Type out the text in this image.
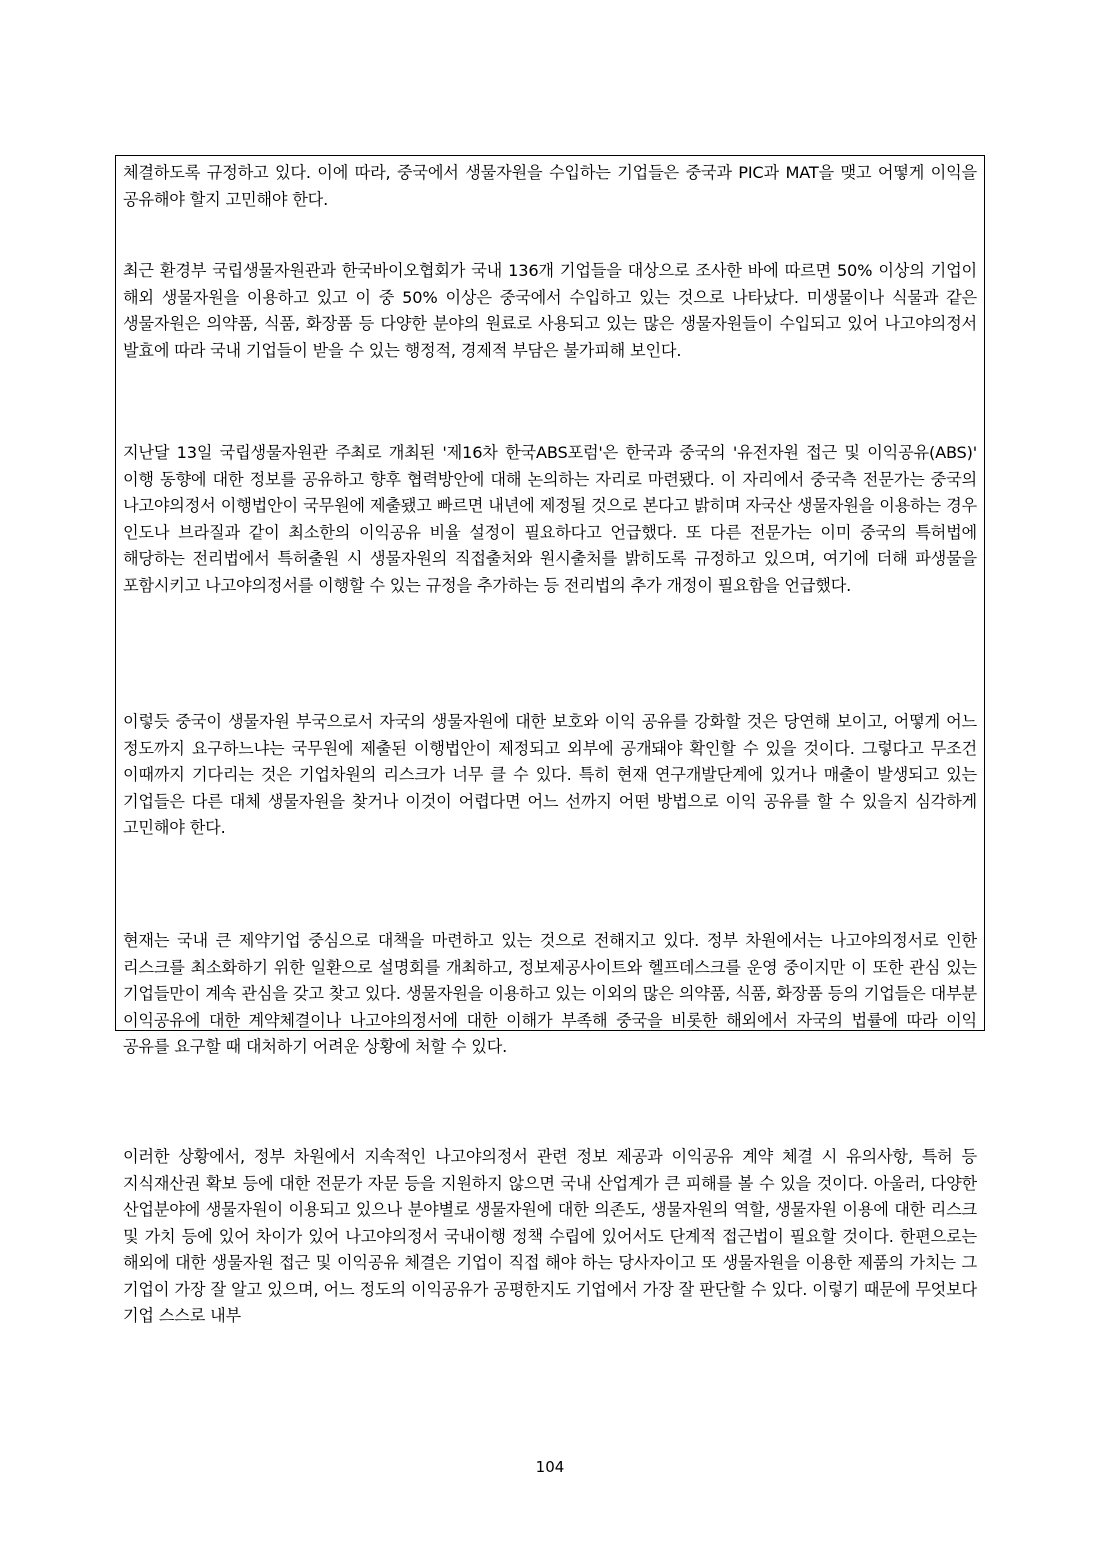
체결하도록 규정하고 있다. 이에 따라, 중국에서 생물자원을 수입하는 기업들은 중국과 PIC과 MAT을 맺고 어떻게 이익을 공유해야 할지 고민해야 한다.

최근 환경부 국립생물자원관과 한국바이오협회가 국내 136개 기업들을 대상으로 조사한 바에 따르면 50% 이상의 기업이 해외 생물자원을 이용하고 있고 이 중 50% 이상은 중국에서 수입하고 있는 것으로 나타났다. 미생물이나 식물과 같은 생물자원은 의약품, 식품, 화장품 등 다양한 분야의 원료로 사용되고 있는 많은 생물자원들이 수입되고 있어 나고야의정서 발효에 따라 국내 기업들이 받을 수 있는 행정적, 경제적 부담은 불가피해 보인다.

지난달 13일 국립생물자원관 주최로 개최된 '제16차 한국ABS포럼'은 한국과 중국의 '유전자원 접근 및 이익공유(ABS)' 이행 동향에 대한 정보를 공유하고 향후 협력방안에 대해 논의하는 자리로 마련됐다. 이 자리에서 중국측 전문가는 중국의 나고야의정서 이행법안이 국무원에 제출됐고 빠르면 내년에 제정될 것으로 본다고 밝히며 자국산 생물자원을 이용하는 경우 인도나 브라질과 같이 최소한의 이익공유 비율 설정이 필요하다고 언급했다. 또 다른 전문가는 이미 중국의 특허법에 해당하는 전리법에서 특허출원 시 생물자원의 직접출처와 원시출처를 밝히도록 규정하고 있으며, 여기에 더해 파생물을 포함시키고 나고야의정서를 이행할 수 있는 규정을 추가하는 등 전리법의 추가 개정이 필요함을 언급했다.

이렇듯 중국이 생물자원 부국으로서 자국의 생물자원에 대한 보호와 이익 공유를 강화할 것은 당연해 보이고, 어떻게 어느 정도까지 요구하느냐는 국무원에 제출된 이행법안이 제정되고 외부에 공개돼야 확인할 수 있을 것이다. 그렇다고 무조건 이때까지 기다리는 것은 기업차원의 리스크가 너무 클 수 있다. 특히 현재 연구개발단계에 있거나 매출이 발생되고 있는 기업들은 다른 대체 생물자원을 찾거나 이것이 어렵다면 어느 선까지 어떤 방법으로 이익 공유를 할 수 있을지 심각하게 고민해야 한다.

현재는 국내 큰 제약기업 중심으로 대책을 마련하고 있는 것으로 전해지고 있다. 정부 차원에서는 나고야의정서로 인한 리스크를 최소화하기 위한 일환으로 설명회를 개최하고, 정보제공사이트와 헬프데스크를 운영 중이지만 이 또한 관심 있는 기업들만이 계속 관심을 갖고 찾고 있다. 생물자원을 이용하고 있는 이외의 많은 의약품, 식품, 화장품 등의 기업들은 대부분 이익공유에 대한 계약체결이나 나고야의정서에 대한 이해가 부족해 중국을 비롯한 해외에서 자국의 법률에 따라 이익 공유를 요구할 때 대처하기 어려운 상황에 처할 수 있다.

이러한 상황에서, 정부 차원에서 지속적인 나고야의정서 관련 정보 제공과 이익공유 계약 체결 시 유의사항, 특허 등 지식재산권 확보 등에 대한 전문가 자문 등을 지원하지 않으면 국내 산업계가 큰 피해를 볼 수 있을 것이다. 아울러, 다양한 산업분야에 생물자원이 이용되고 있으나 분야별로 생물자원에 대한 의존도, 생물자원의 역할, 생물자원 이용에 대한 리스크 및 가치 등에 있어 차이가 있어 나고야의정서 국내이행 정책 수립에 있어서도 단계적 접근법이 필요할 것이다. 한편으로는 해외에 대한 생물자원 접근 및 이익공유 체결은 기업이 직접 해야 하는 당사자이고 또 생물자원을 이용한 제품의 가치는 그 기업이 가장 잘 알고 있으며, 어느 정도의 이익공유가 공평한지도 기업에서 가장 잘 판단할 수 있다. 이렇기 때문에 무엇보다 기업 스스로 내부

104
